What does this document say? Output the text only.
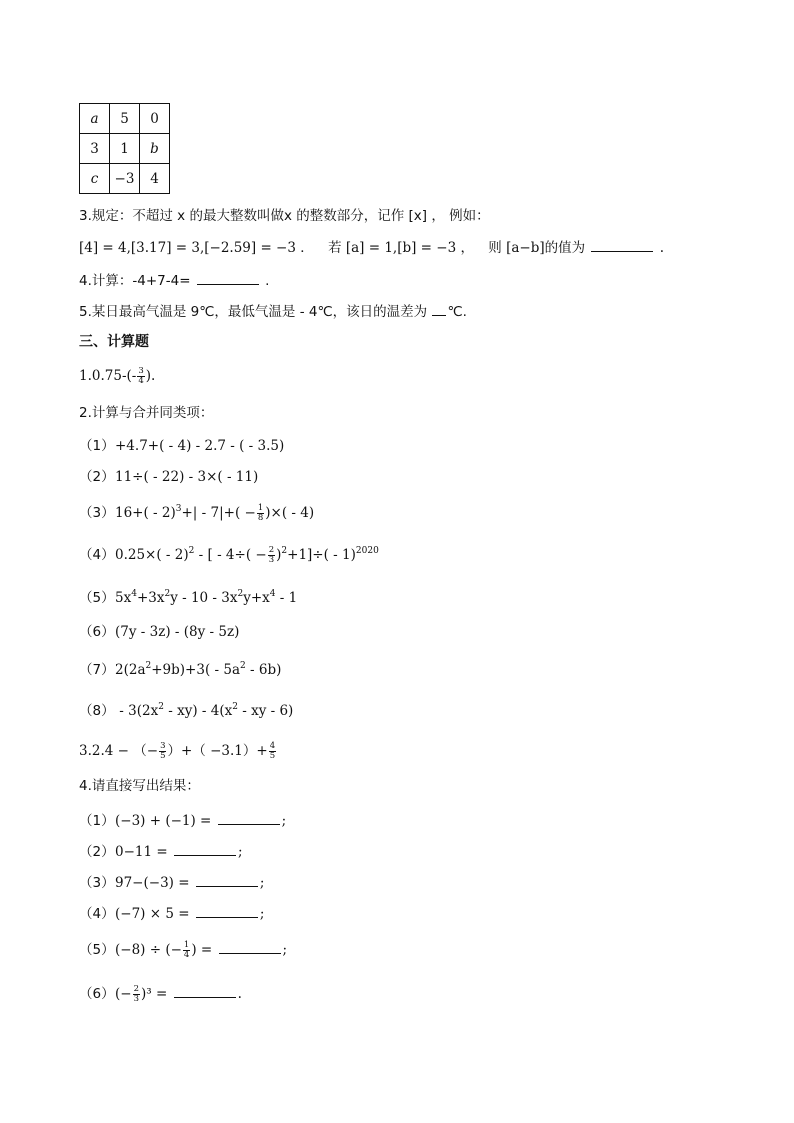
a	5	0
3	1	b
c	−3	4
3.规定：不超过 x 的最大整数叫做x 的整数部分，记作 [x] ， 例如：
[4] = 4,[3.17] = 3,[−2.59] = −3 ． 若 [a] = 1,[b] = −3 ， 则 [a−b]的值为	.
4.计算：-4+7-4=	.
5.某日最高气温是 9℃，最低气温是 - 4℃，该日的温差为 ℃.
三、计算题
$1.0.75-(- \frac{3}{4}$ ).
2.计算与合并同类项：
（1）+4.7+( - 4) - 2.7 - ( - 3.5)
（2）11÷( - 22) - 3×( - 11)
$(3)16+( - 2)^3+| - 7|+( - \frac{1}{8}$ )×( - 4)
（4）0.25×( - 2)$^2$ - [ - $4\div( - \frac{2}{3} )^2+1]\div( - 1)^{2020}$
$(5)5x^4+3x^2y - 10 - 3x^2y+x^4 - 1$
（6）(7y - 3z) - (8y - 5z)
$(7)2(2a^2+9b)+3( - 5a^2 - 6b)$
$(8) - 3(2x^2 - xy) - 4(x^2$ - xy - 6)
3.2.4 − （− $\frac{3}{5}$ ）+（ $-3.1)+ \frac{4}{5}$
4.请直接写出结果：
（1）(−3) + (−1) =	;
（2）0−11 =	;
（3）97−(−3) =	;
（4）(−7) × 5 =	;
（5）(−8) ÷ (− $\frac{1}{4}$ ) =	;
$(6)(- \frac{2}{3} )^3$ =	.
